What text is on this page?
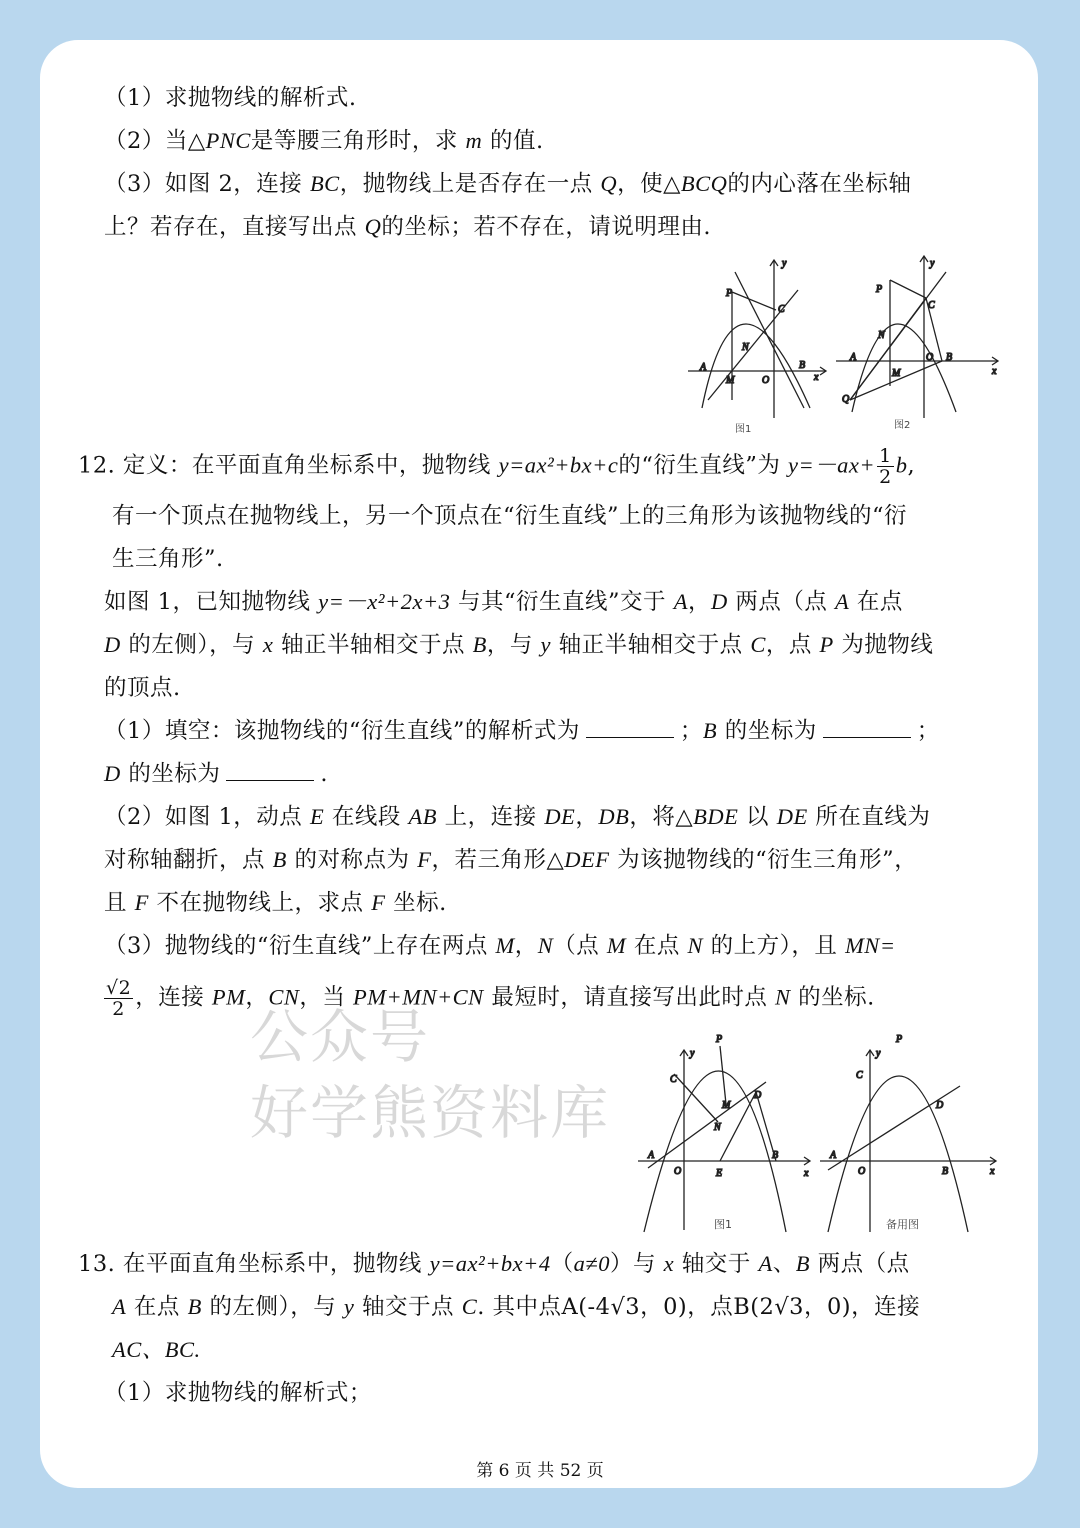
（1）求抛物线的解析式.
（2）当△PNC是等腰三角形时，求 m 的值.
（3）如图 2，连接 BC，抛物线上是否存在一点 Q，使△BCQ的内心落在坐标轴
上？若存在，直接写出点 Q的坐标；若不存在，请说明理由.
y
x
P
C
N
A
M	O
B
图1
y
x
P
C
N
A
M
O B
Q
图2
12. 定义：在平面直角坐标系中，抛物线 y=ax²+bx+c的“衍生直线”为 $y=-ax+ \frac{1}{2} b$,
有一个顶点在抛物线上，另一个顶点在“衍生直线”上的三角形为该抛物线的“衍
生三角形”.
如图 1，已知抛物线 y=－x²+2x+3 与其“衍生直线”交于 A，D 两点（点 A 在点
D 的左侧），与 x 轴正半轴相交于点 B，与 y 轴正半轴相交于点 C，点 P 为抛物线
的顶点.
（1）填空：该抛物线的“衍生直线”的解析式为	；B 的坐标为	；
D 的坐标为	.
（2）如图 1，动点 E 在线段 AB 上，连接 DE，DB，将△BDE 以 DE 所在直线为
对称轴翻折，点 B 的对称点为 F，若三角形△DEF 为该抛物线的“衍生三角形”，
且 F 不在抛物线上，求点 F 坐标.
（3）抛物线的“衍生直线”上存在两点 M，N（点 M 在点 N 的上方），且 MN=
$\frac{√2}{2}$ ，连接 PM，CN，当 PM+MN+CN 最短时，请直接写出此时点 N 的坐标.
公众号
好学熊资料库
P
y
C
M
D
N
A
O	E
B
x
图1
P
y
C
D
A
O	B	x
备用图
13. 在平面直角坐标系中，抛物线 y=ax²+bx+4（a≠0）与 x 轴交于 A、B 两点（点
A 在点 B 的左侧），与 y 轴交于点 C. 其中点A(-4√3，0)，点B(2√3，0)，连接
AC、BC.
（1）求抛物线的解析式；
第 6 页 共 52 页
